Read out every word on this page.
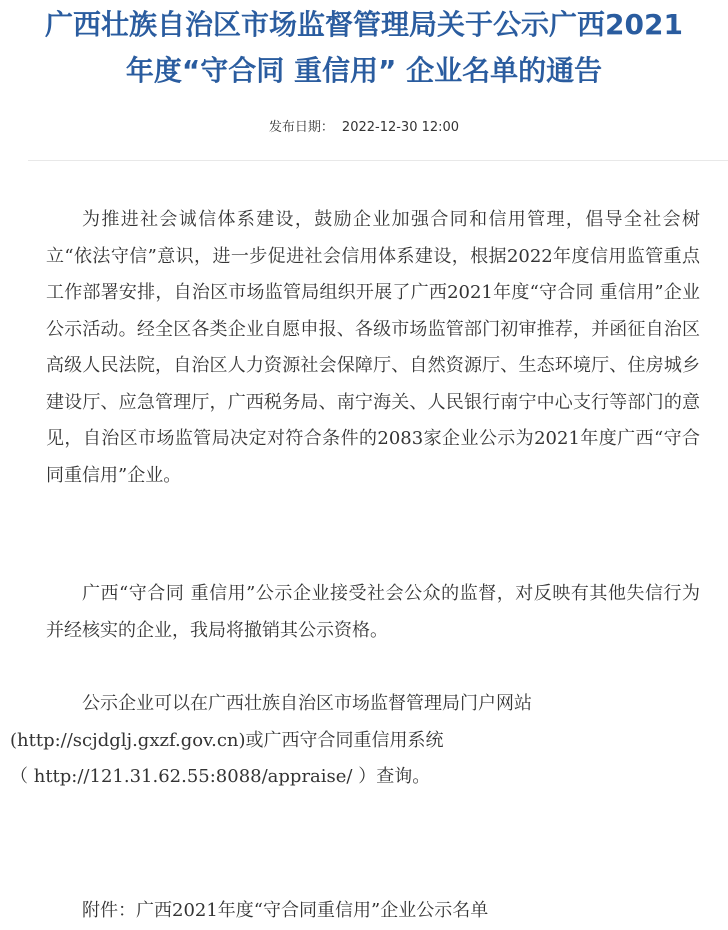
广西壮族自治区市场监督管理局关于公示广西2021
年度“守合同 重信用” 企业名单的通告
发布日期： 2022-12-30 12:00

为推进社会诚信体系建设，鼓励企业加强合同和信用管理，倡导全社会树立“依法守信”意识，进一步促进社会信用体系建设，根据2022年度信用监管重点工作部署安排，自治区市场监管局组织开展了广西2021年度“守合同 重信用”企业公示活动。经全区各类企业自愿申报、各级市场监管部门初审推荐，并函征自治区高级人民法院，自治区人力资源社会保障厅、自然资源厅、生态环境厅、住房城乡建设厅、应急管理厅，广西税务局、南宁海关、人民银行南宁中心支行等部门的意见，自治区市场监管局决定对符合条件的2083家企业公示为2021年度广西“守合同重信用”企业。

广西“守合同 重信用”公示企业接受社会公众的监督，对反映有其他失信行为并经核实的企业，我局将撤销其公示资格。

公示企业可以在广西壮族自治区市场监督管理局门户网站
(http://scjdglj.gxzf.gov.cn)或广西守合同重信用系统
（ http://121.31.62.55:8088/appraise/ ）查询。

附件：广西2021年度“守合同重信用”企业公示名单
